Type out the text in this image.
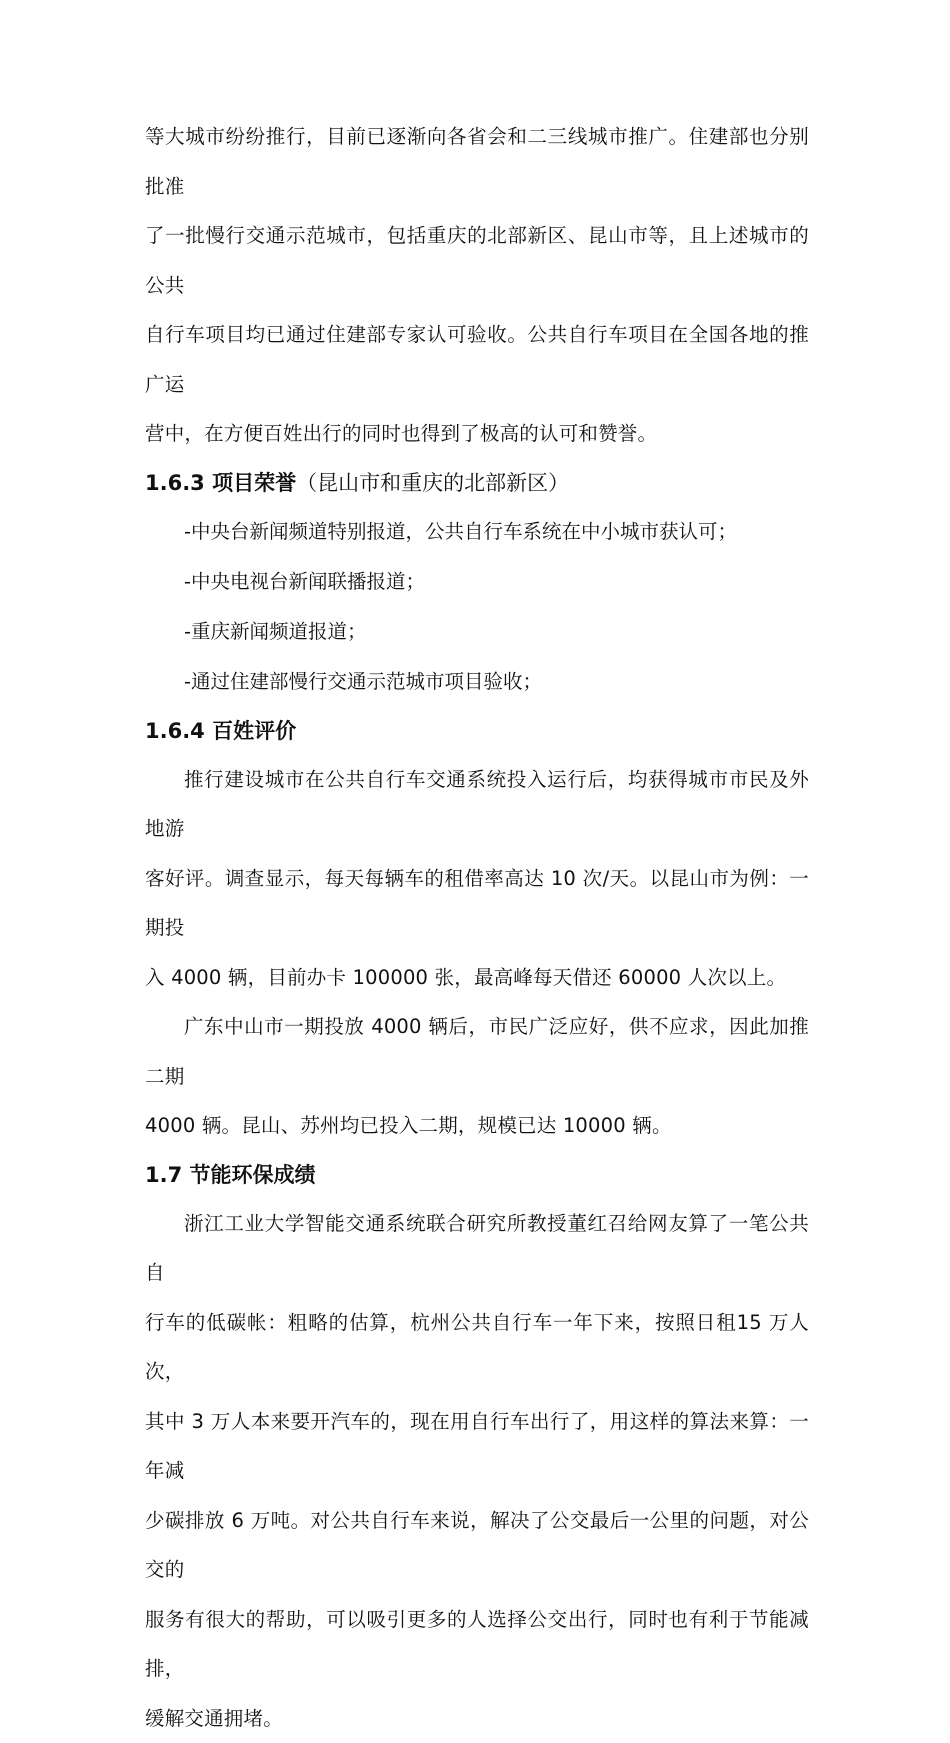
等大城市纷纷推行，目前已逐渐向各省会和二三线城市推广。住建部也分别批准
了一批慢行交通示范城市，包括重庆的北部新区、昆山市等，且上述城市的公共
自行车项目均已通过住建部专家认可验收。公共自行车项目在全国各地的推广运
营中，在方便百姓出行的同时也得到了极高的认可和赞誉。

1.6.3 项目荣誉（昆山市和重庆的北部新区）

-中央台新闻频道特别报道，公共自行车系统在中小城市获认可；

-中央电视台新闻联播报道；

-重庆新闻频道报道；

-通过住建部慢行交通示范城市项目验收；

1.6.4 百姓评价

推行建设城市在公共自行车交通系统投入运行后，均获得城市市民及外地游
客好评。调查显示，每天每辆车的租借率高达 10 次/天。以昆山市为例：一期投
入 4000 辆，目前办卡 100000 张，最高峰每天借还 60000 人次以上。

广东中山市一期投放 4000 辆后，市民广泛应好，供不应求，因此加推二期
4000 辆。昆山、苏州均已投入二期，规模已达 10000 辆。

1.7 节能环保成绩

浙江工业大学智能交通系统联合研究所教授董红召给网友算了一笔公共自
行车的低碳帐：粗略的估算，杭州公共自行车一年下来，按照日租15 万人次，
其中 3 万人本来要开汽车的，现在用自行车出行了，用这样的算法来算：一年减
少碳排放 6 万吨。对公共自行车来说，解决了公交最后一公里的问题，对公交的
服务有很大的帮助，可以吸引更多的人选择公交出行，同时也有利于节能减排，
缓解交通拥堵。
